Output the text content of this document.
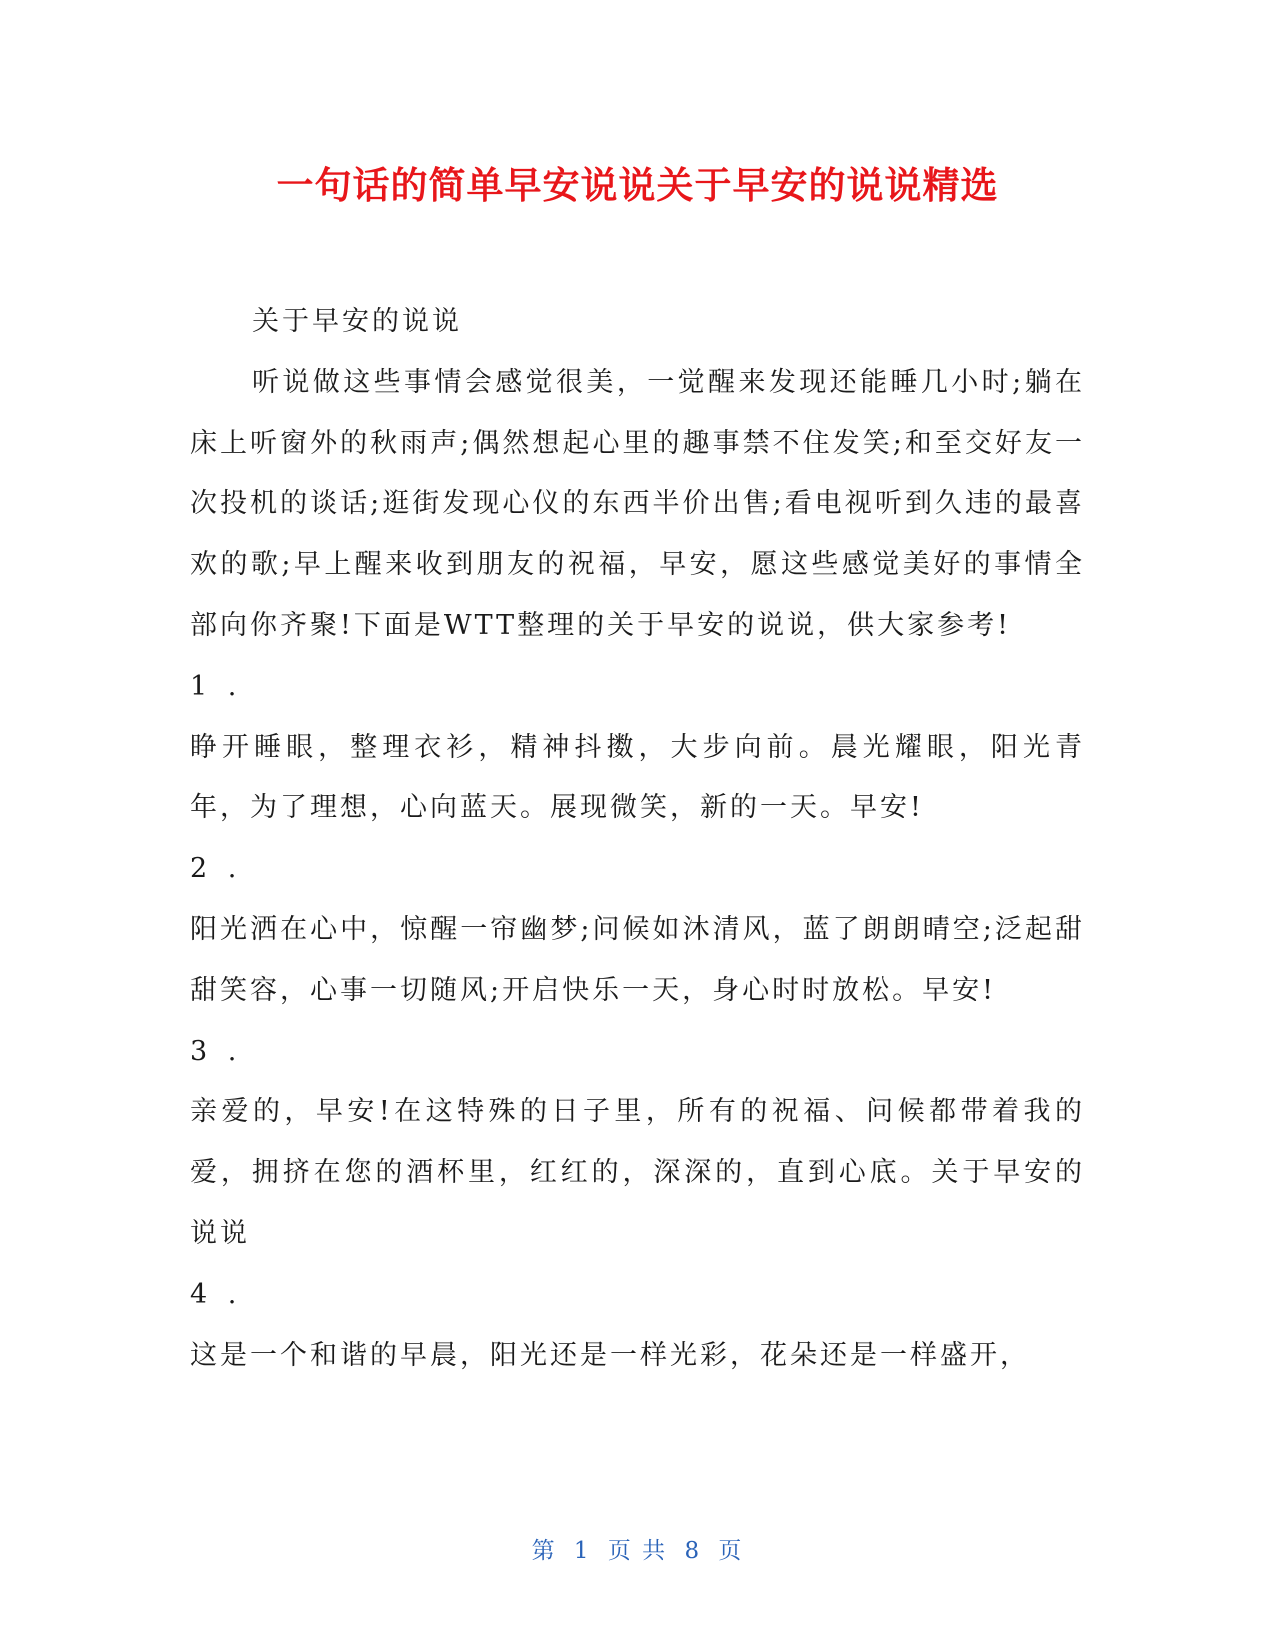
一句话的简单早安说说关于早安的说说精选

关于早安的说说

听说做这些事情会感觉很美，一觉醒来发现还能睡几小时;躺在床上听窗外的秋雨声;偶然想起心里的趣事禁不住发笑;和至交好友一次投机的谈话;逛街发现心仪的东西半价出售;看电视听到久违的最喜欢的歌;早上醒来收到朋友的祝福，早安，愿这些感觉美好的事情全部向你齐聚!下面是WTT整理的关于早安的说说，供大家参考!

1 .

睁开睡眼，整理衣衫，精神抖擞，大步向前。晨光耀眼，阳光青年，为了理想，心向蓝天。展现微笑，新的一天。早安!

2 .

阳光洒在心中，惊醒一帘幽梦;问候如沐清风，蓝了朗朗晴空;泛起甜甜笑容，心事一切随风;开启快乐一天，身心时时放松。早安!

3 .

亲爱的，早安!在这特殊的日子里，所有的祝福、问候都带着我的爱，拥挤在您的酒杯里，红红的，深深的，直到心底。关于早安的说说

4 .

这是一个和谐的早晨，阳光还是一样光彩，花朵还是一样盛开，

第 1 页 共 8 页
